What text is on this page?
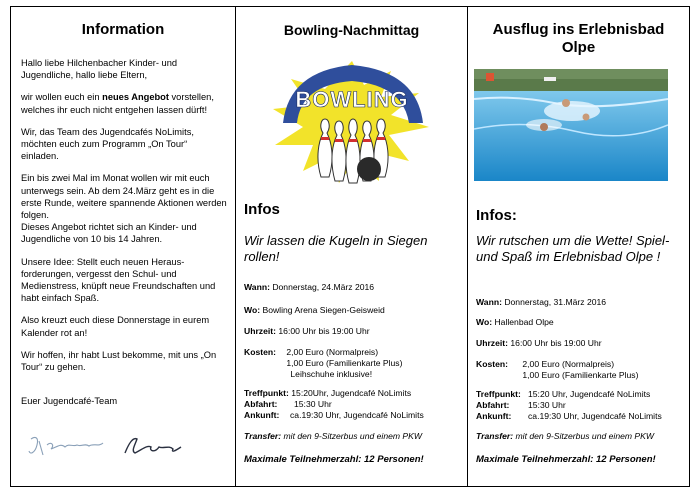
Information

Hallo liebe Hilchenbacher Kinder- und Jugendliche, hallo liebe Eltern,

wir wollen euch ein neues Angebot vorstellen, welches ihr euch nicht entgehen lassen dürft!

Wir, das Team des Jugendcafés NoLimits, möchten euch zum Programm „On Tour“ einladen.

Ein bis zwei Mal im Monat wollen wir mit euch unterwegs sein. Ab dem 24.März geht es in die erste Runde, weitere spannende Aktionen werden folgen.
Dieses Angebot richtet sich an Kinder- und Jugendliche von 10 bis 14 Jahren.

Unsere Idee: Stellt euch neuen Heraus-forderungen, vergesst den Schul- und Medienstress, knüpft neue Freundschaften und habt einfach Spaß.

Also kreuzt euch diese Donnerstage in eurem Kalender rot an!

Wir hoffen, ihr habt Lust bekomme, mit uns „On Tour“ zu gehen.

Euer Jugendcafé-Team

Bowling-Nachmittag
BOWLING
Infos
Wir lassen die Kugeln in Siegen rollen!
Wann: Donnerstag, 24.März 2016
Wo: Bowling Arena Siegen-Geisweid
Uhrzeit: 16:00 Uhr bis 19:00 Uhr
Kosten: 2,00 Euro (Normalpreis)
1,00 Euro (Familienkarte Plus)
Leihschuhe inklusive!
Treffpunkt: 15:20Uhr, Jugendcafé NoLimits
Abfahrt: 15:30 Uhr
Ankunft: ca.19:30 Uhr, Jugendcafé NoLimits
Transfer: mit den 9-Sitzerbus und einem PKW
Maximale Teilnehmerzahl: 12 Personen!
Ausflug ins Erlebnisbad Olpe
Infos:
Wir rutschen um die Wette! Spiel- und Spaß im Erlebnisbad Olpe !
Wann: Donnerstag, 31.März 2016
Wo: Hallenbad Olpe
Uhrzeit: 16:00 Uhr bis 19:00 Uhr
Kosten: 2,00 Euro (Normalpreis)
1,00 Euro (Familienkarte Plus)
Treffpunkt: 15:20 Uhr, Jugendcafé NoLimits
Abfahrt: 15:30 Uhr
Ankunft: ca.19:30 Uhr, Jugendcafé NoLimits
Transfer: mit den 9-Sitzerbus und einem PKW
Maximale Teilnehmerzahl: 12 Personen!
